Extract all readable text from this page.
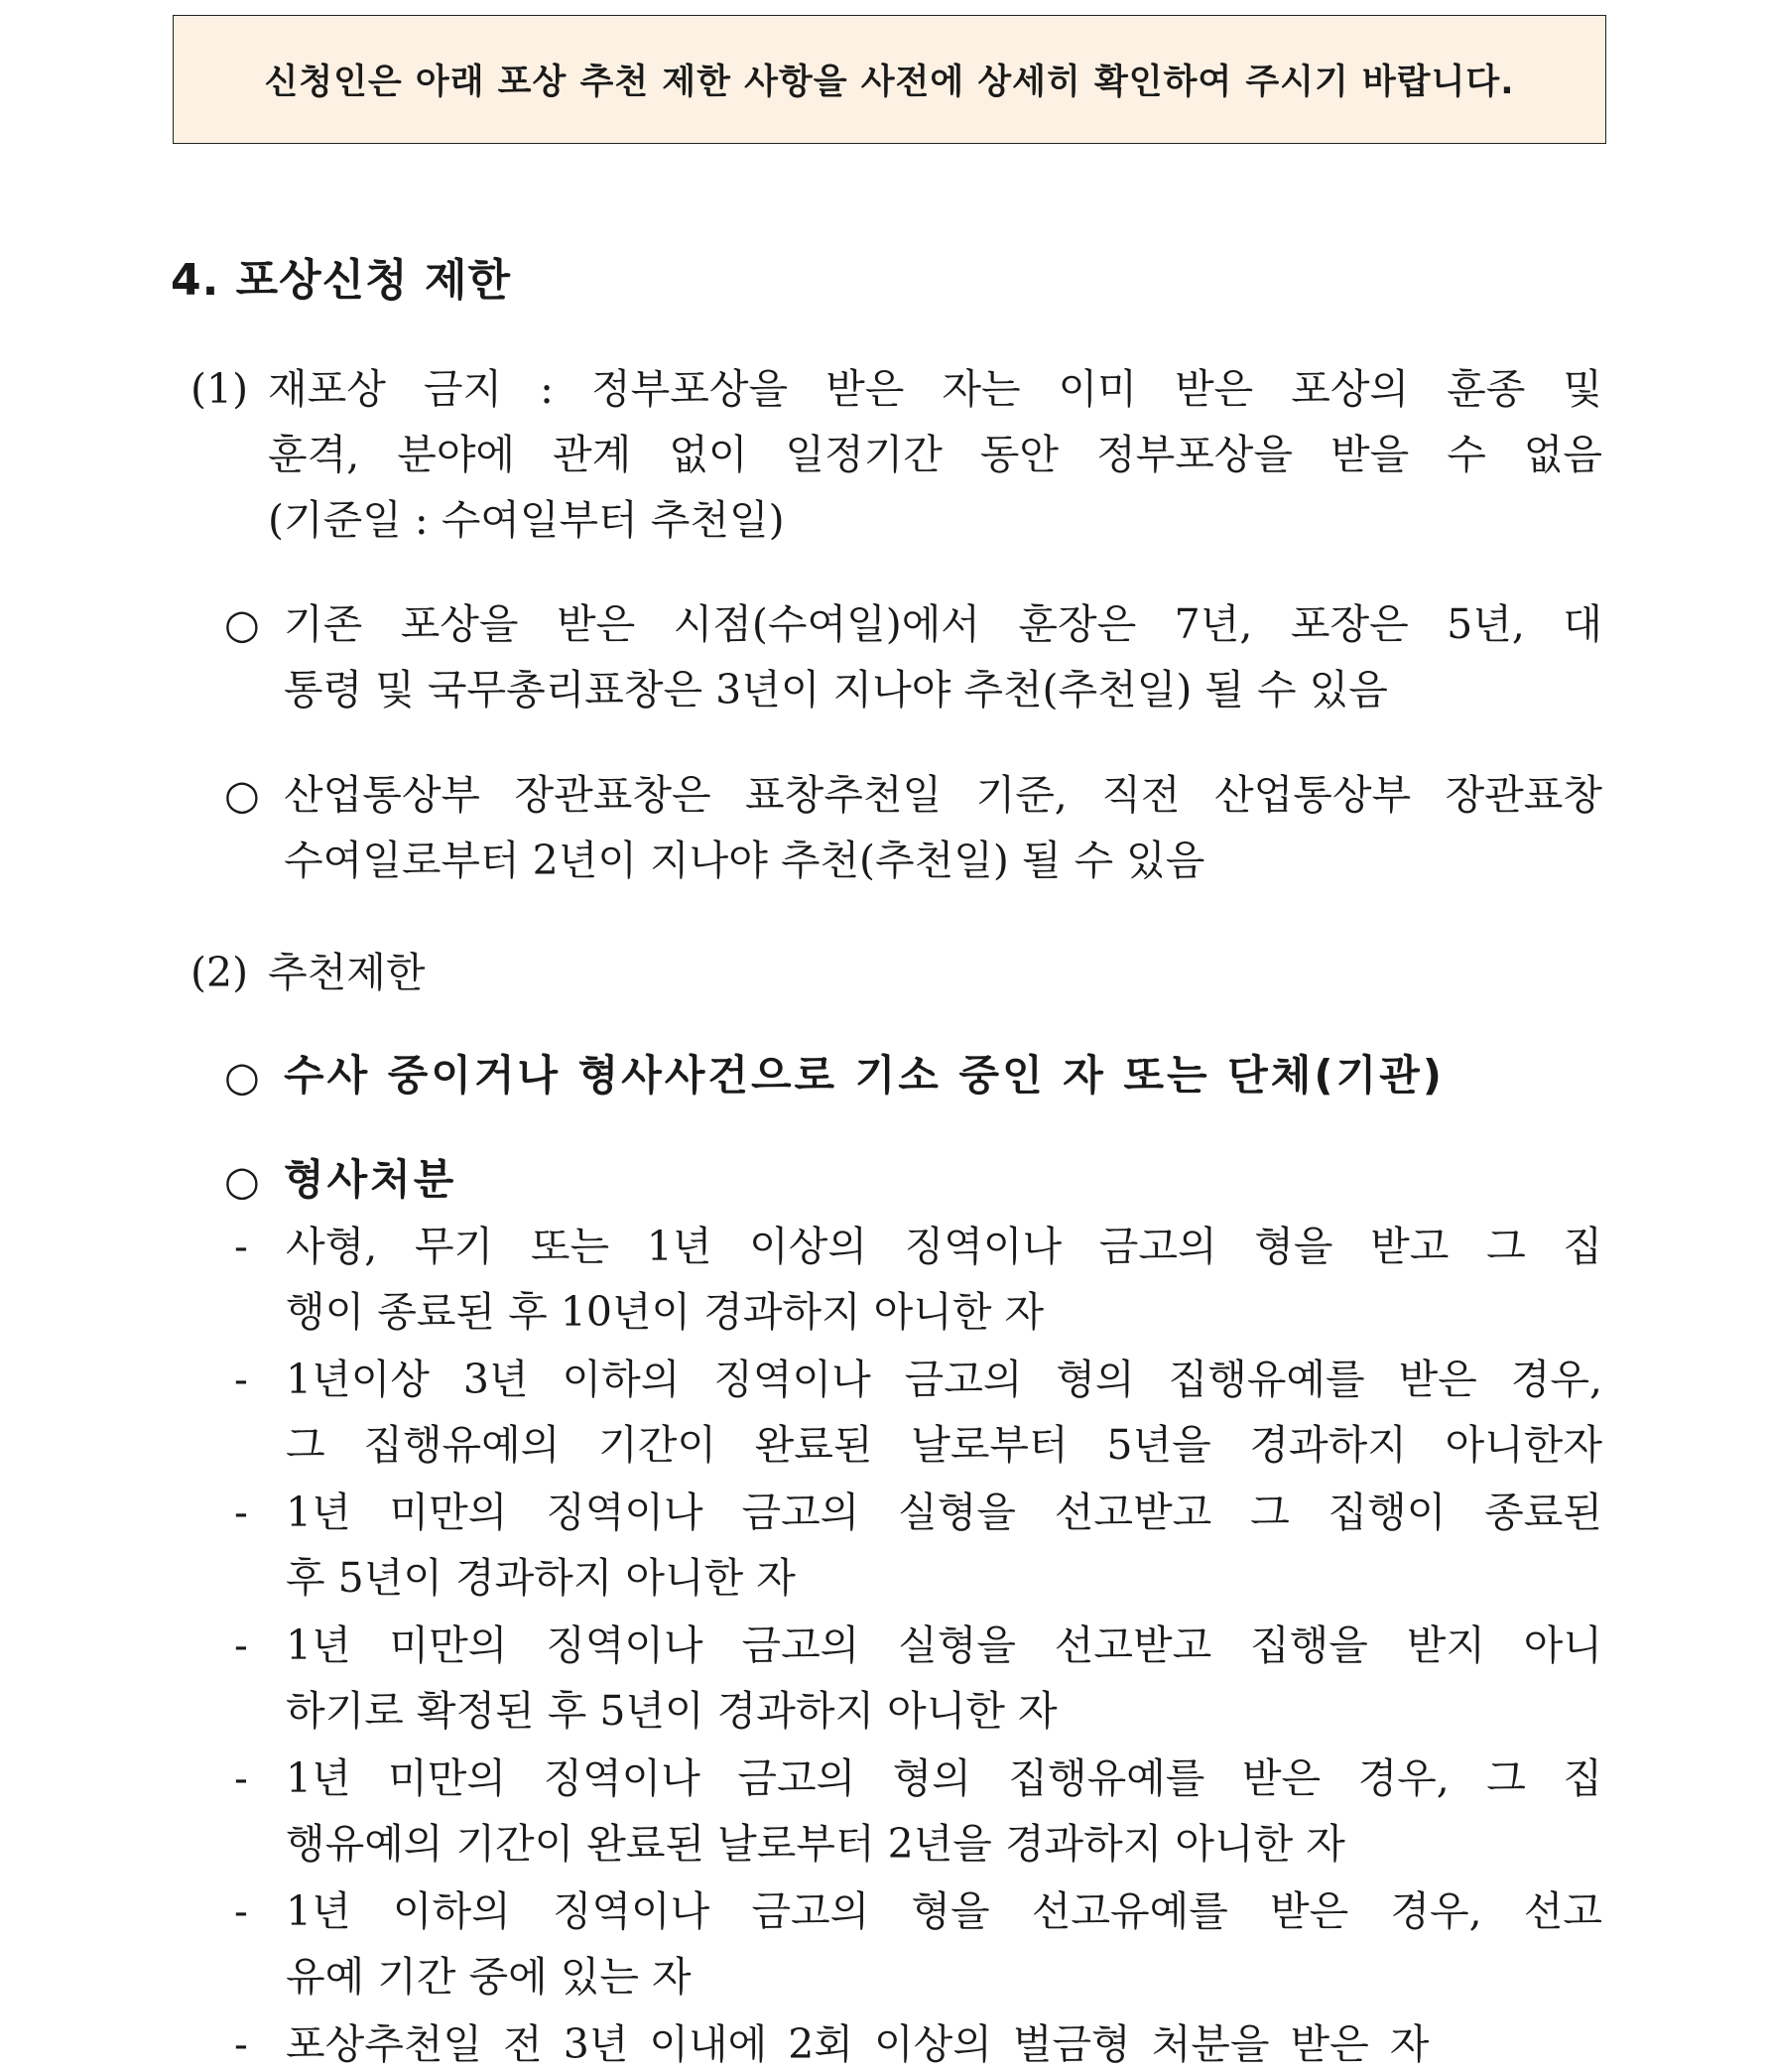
신청인은 아래 포상 추천 제한 사항을 사전에 상세히 확인하여 주시기 바랍니다.
4. 포상신청 제한
(1) 재포상 금지 : 정부포상을 받은 자는 이미 받은 포상의 훈종 및
훈격, 분야에 관계 없이 일정기간 동안 정부포상을 받을 수 없음
(기준일 : 수여일부터 추천일)
○ 기존 포상을 받은 시점(수여일)에서 훈장은 7년, 포장은 5년, 대
통령 및 국무총리표창은 3년이 지나야 추천(추천일) 될 수 있음
○ 산업통상부 장관표창은 표창추천일 기준, 직전 산업통상부 장관표창
수여일로부터 2년이 지나야 추천(추천일) 될 수 있음
(2) 추천제한
○ 수사 중이거나 형사사건으로 기소 중인 자 또는 단체(기관)
○ 형사처분
- 사형, 무기 또는 1년 이상의 징역이나 금고의 형을 받고 그 집
행이 종료된 후 10년이 경과하지 아니한 자
- 1년이상 3년 이하의 징역이나 금고의 형의 집행유예를 받은 경우,
그 집행유예의 기간이 완료된 날로부터 5년을 경과하지 아니한자
- 1년 미만의 징역이나 금고의 실형을 선고받고 그 집행이 종료된
후 5년이 경과하지 아니한 자
- 1년 미만의 징역이나 금고의 실형을 선고받고 집행을 받지 아니
하기로 확정된 후 5년이 경과하지 아니한 자
- 1년 미만의 징역이나 금고의 형의 집행유예를 받은 경우, 그 집
행유예의 기간이 완료된 날로부터 2년을 경과하지 아니한 자
- 1년 이하의 징역이나 금고의 형을 선고유예를 받은 경우, 선고
유예 기간 중에 있는 자
- 포상추천일 전 3년 이내에 2회 이상의 벌금형 처분을 받은 자
